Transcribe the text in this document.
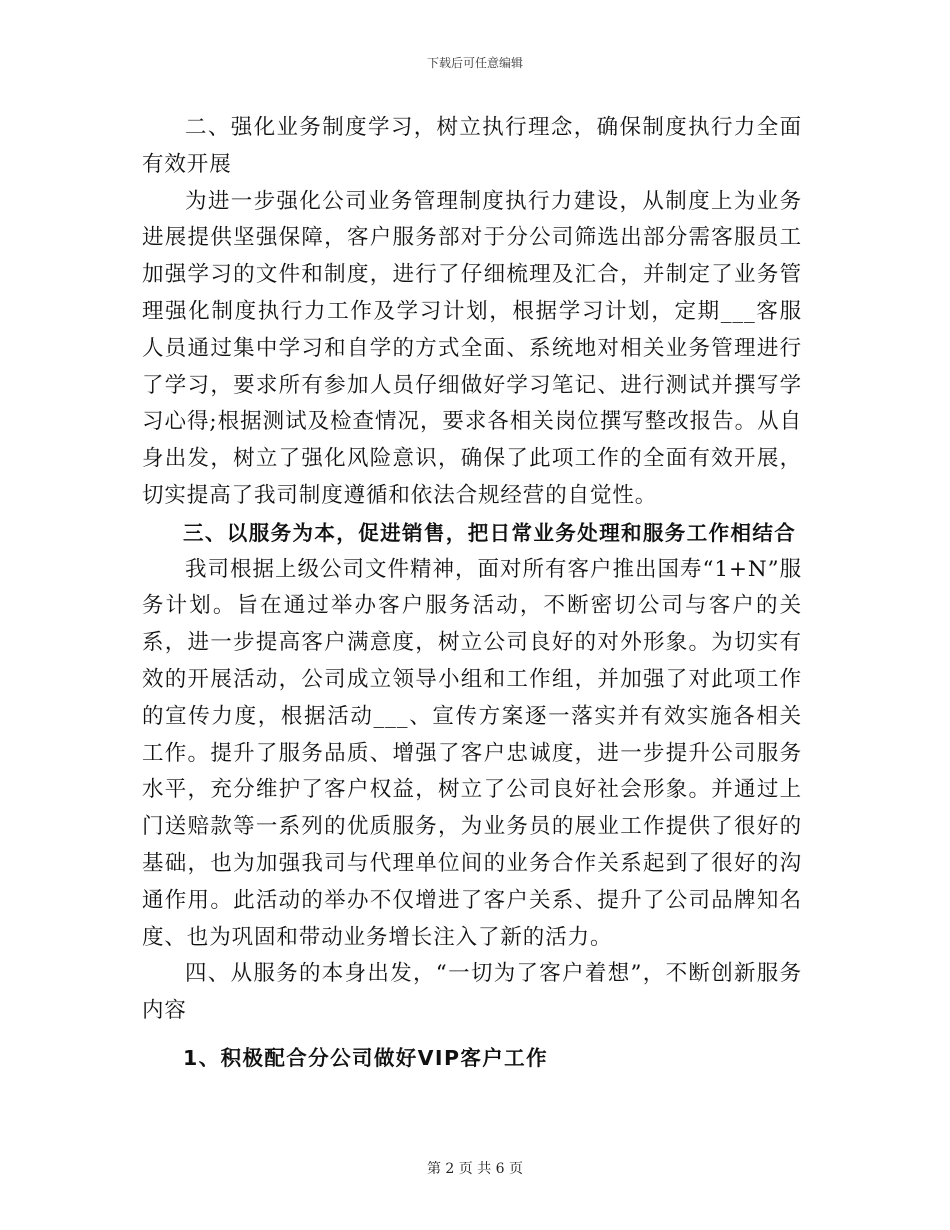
下载后可任意编辑

二、强化业务制度学习，树立执行理念，确保制度执行力全面有效开展

为进一步强化公司业务管理制度执行力建设，从制度上为业务进展提供坚强保障，客户服务部对于分公司筛选出部分需客服员工加强学习的文件和制度，进行了仔细梳理及汇合，并制定了业务管理强化制度执行力工作及学习计划，根据学习计划，定期___客服人员通过集中学习和自学的方式全面、系统地对相关业务管理进行了学习，要求所有参加人员仔细做好学习笔记、进行测试并撰写学习心得;根据测试及检查情况，要求各相关岗位撰写整改报告。从自身出发，树立了强化风险意识，确保了此项工作的全面有效开展，切实提高了我司制度遵循和依法合规经营的自觉性。

三、以服务为本，促进销售，把日常业务处理和服务工作相结合

我司根据上级公司文件精神，面对所有客户推出国寿“1+N”服务计划。旨在通过举办客户服务活动，不断密切公司与客户的关系，进一步提高客户满意度，树立公司良好的对外形象。为切实有效的开展活动，公司成立领导小组和工作组，并加强了对此项工作的宣传力度，根据活动___、宣传方案逐一落实并有效实施各相关工作。提升了服务品质、增强了客户忠诚度，进一步提升公司服务水平，充分维护了客户权益，树立了公司良好社会形象。并通过上门送赔款等一系列的优质服务，为业务员的展业工作提供了很好的基础，也为加强我司与代理单位间的业务合作关系起到了很好的沟通作用。此活动的举办不仅增进了客户关系、提升了公司品牌知名度、也为巩固和带动业务增长注入了新的活力。

四、从服务的本身出发，“一切为了客户着想”，不断创新服务内容

1、积极配合分公司做好VIP客户工作

第 2 页 共 6 页
